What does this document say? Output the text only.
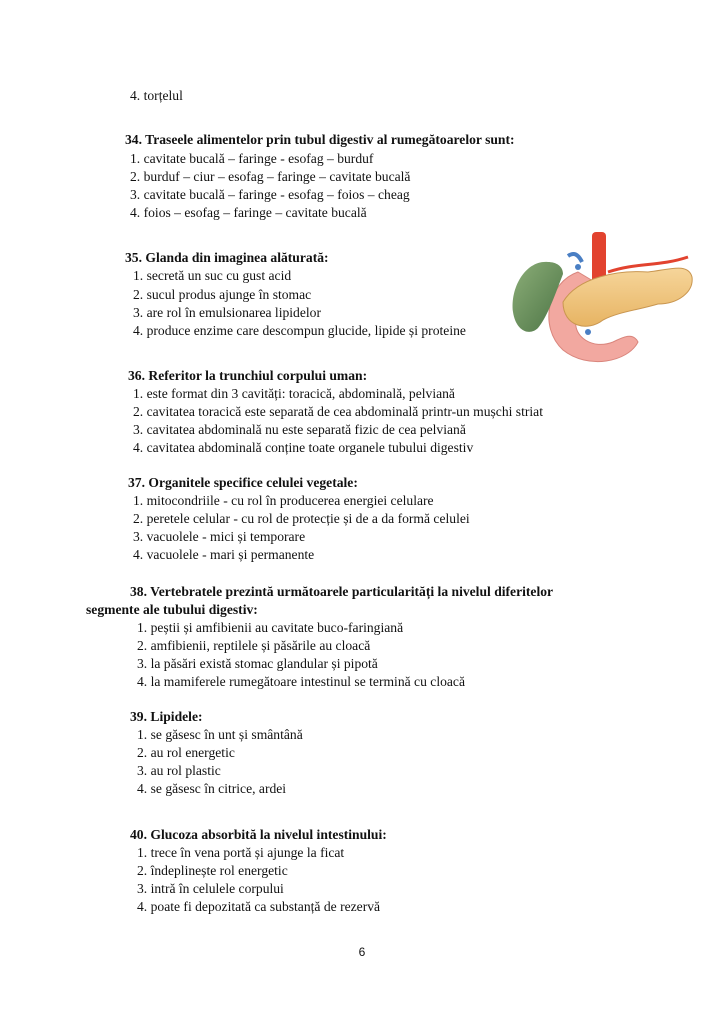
4. torțelul
34. Traseele alimentelor prin tubul digestiv al rumegătoarelor sunt:
1. cavitate bucală – faringe - esofag – burduf
2. burduf – ciur – esofag – faringe – cavitate bucală
3. cavitate bucală – faringe - esofag – foios – cheag
4. foios – esofag – faringe – cavitate bucală
35. Glanda din imaginea alăturată:
1. secretă un suc cu gust acid
2. sucul produs ajunge în stomac
3. are rol în emulsionarea lipidelor
4. produce enzime care descompun glucide, lipide și proteine
36. Referitor la trunchiul corpului uman:
1. este format din 3 cavități: toracică, abdominală, pelviană
2. cavitatea toracică este separată de cea abdominală printr-un mușchi striat
3. cavitatea abdominală nu este separată fizic de cea pelviană
4. cavitatea abdominală conține toate organele tubului digestiv
37. Organitele specifice celulei vegetale:
1. mitocondriile - cu rol în producerea energiei celulare
2. peretele celular - cu rol de protecție și de a da formă celulei
3. vacuolele - mici și temporare
4. vacuolele - mari și permanente
38. Vertebratele prezintă următoarele particularități la nivelul diferitelor
segmente ale tubului digestiv:
1. peștii și amfibienii au cavitate buco-faringiană
2. amfibienii, reptilele și păsările au cloacă
3. la păsări există stomac glandular și pipotă
4. la mamiferele rumegătoare intestinul se termină cu cloacă
39. Lipidele:
1. se găsesc în unt și smântână
2. au rol energetic
3. au rol plastic
4. se găsesc în citrice, ardei
40. Glucoza absorbită la nivelul intestinului:
1. trece în vena portă și ajunge la ficat
2. îndeplinește rol energetic
3. intră în celulele corpului
4. poate fi depozitată ca substanță de rezervă
6
